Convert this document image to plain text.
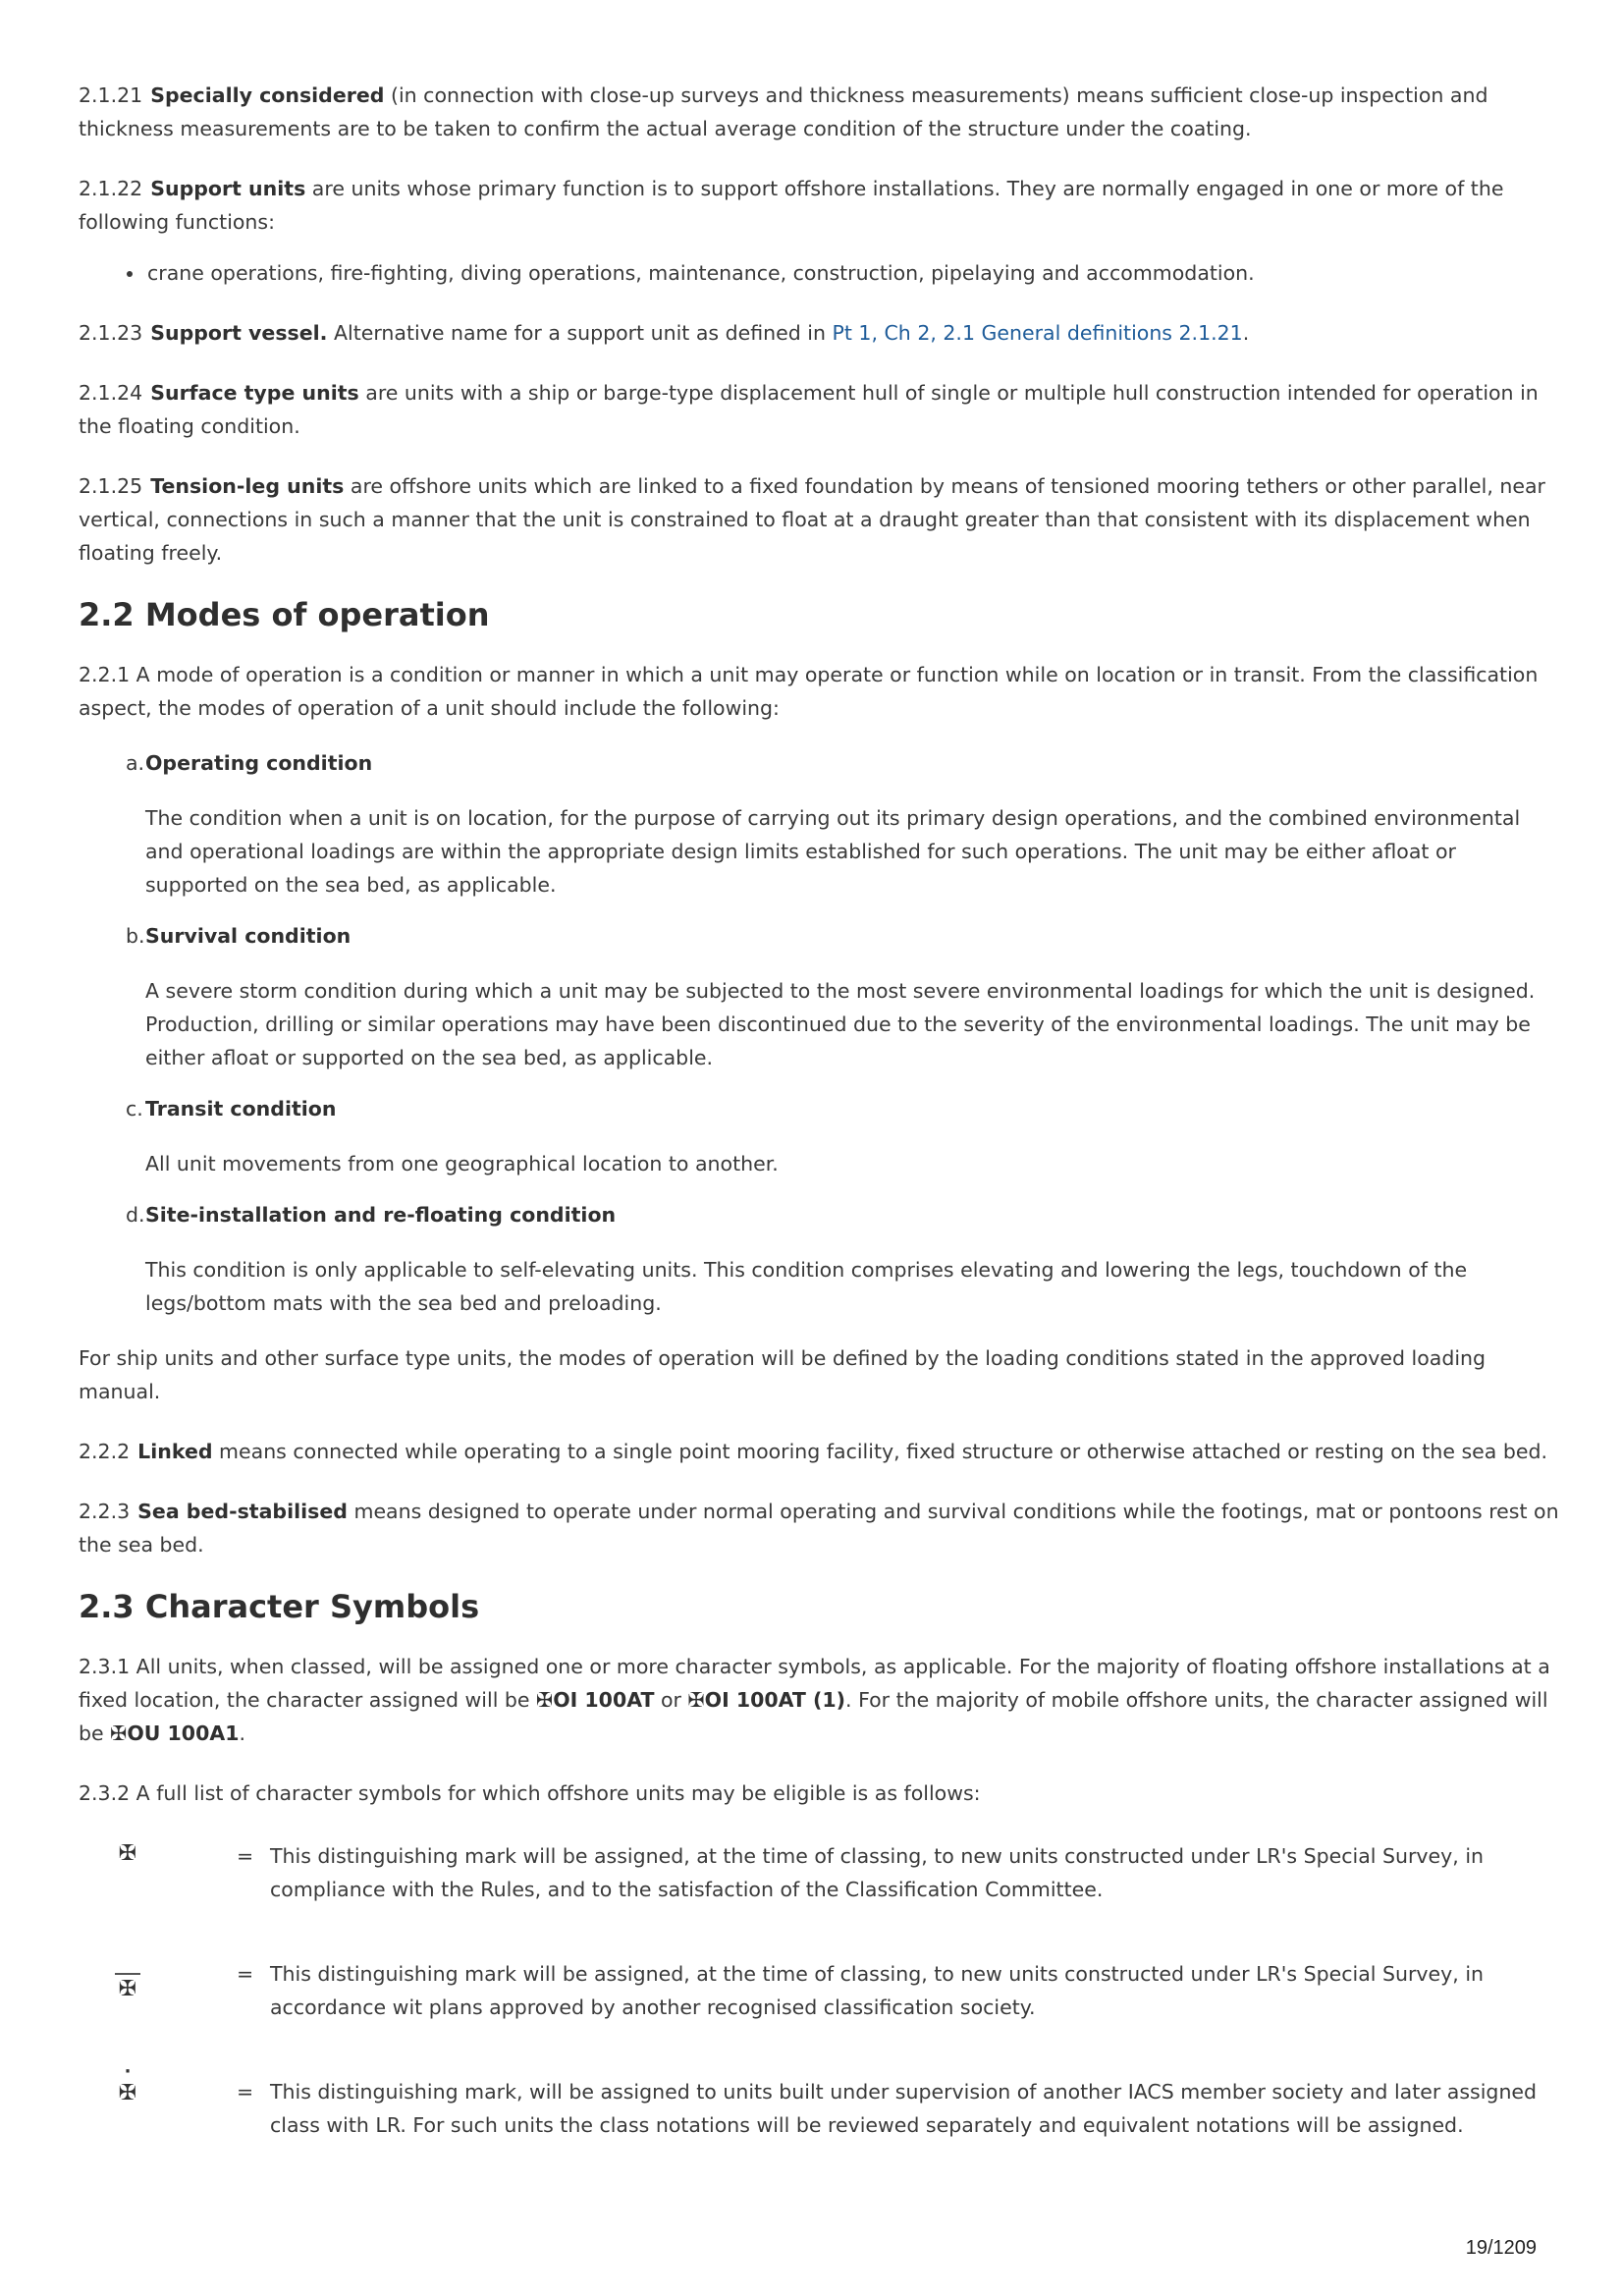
2.1.21 Specially considered (in connection with close-up surveys and thickness measurements) means sufficient close-up inspection and thickness measurements are to be taken to confirm the actual average condition of the structure under the coating.

2.1.22 Support units are units whose primary function is to support offshore installations. They are normally engaged in one or more of the following functions:

• crane operations, fire-fighting, diving operations, maintenance, construction, pipelaying and accommodation.

2.1.23 Support vessel. Alternative name for a support unit as defined in Pt 1, Ch 2, 2.1 General definitions 2.1.21.

2.1.24 Surface type units are units with a ship or barge-type displacement hull of single or multiple hull construction intended for operation in the floating condition.

2.1.25 Tension-leg units are offshore units which are linked to a fixed foundation by means of tensioned mooring tethers or other parallel, near vertical, connections in such a manner that the unit is constrained to float at a draught greater than that consistent with its displacement when floating freely.

2.2 Modes of operation

2.2.1 A mode of operation is a condition or manner in which a unit may operate or function while on location or in transit. From the classification aspect, the modes of operation of a unit should include the following:

a. Operating condition

The condition when a unit is on location, for the purpose of carrying out its primary design operations, and the combined environmental and operational loadings are within the appropriate design limits established for such operations. The unit may be either afloat or supported on the sea bed, as applicable.

b. Survival condition

A severe storm condition during which a unit may be subjected to the most severe environmental loadings for which the unit is designed. Production, drilling or similar operations may have been discontinued due to the severity of the environmental loadings. The unit may be either afloat or supported on the sea bed, as applicable.

c. Transit condition

All unit movements from one geographical location to another.

d. Site-installation and re-floating condition

This condition is only applicable to self-elevating units. This condition comprises elevating and lowering the legs, touchdown of the legs/bottom mats with the sea bed and preloading.

For ship units and other surface type units, the modes of operation will be defined by the loading conditions stated in the approved loading manual.

2.2.2 Linked means connected while operating to a single point mooring facility, fixed structure or otherwise attached or resting on the sea bed.

2.2.3 Sea bed-stabilised means designed to operate under normal operating and survival conditions while the footings, mat or pontoons rest on the sea bed.

2.3 Character Symbols

2.3.1 All units, when classed, will be assigned one or more character symbols, as applicable. For the majority of floating offshore installations at a fixed location, the character assigned will be ✠OI 100AT or ✠OI 100AT (1). For the majority of mobile offshore units, the character assigned will be ✠OU 100A1.

2.3.2 A full list of character symbols for which offshore units may be eligible is as follows:

✠	= This distinguishing mark will be assigned, at the time of classing, to new units constructed under LR's Special Survey, in compliance with the Rules, and to the satisfaction of the Classification Committee.

✠
= This distinguishing mark will be assigned, at the time of classing, to new units constructed under LR's Special Survey, in accordance wit plans approved by another recognised classification society.

· ✠	= This distinguishing mark, will be assigned to units built under supervision of another IACS member society and later assigned class with LR. For such units the class notations will be reviewed separately and equivalent notations will be assigned.

19/1209
